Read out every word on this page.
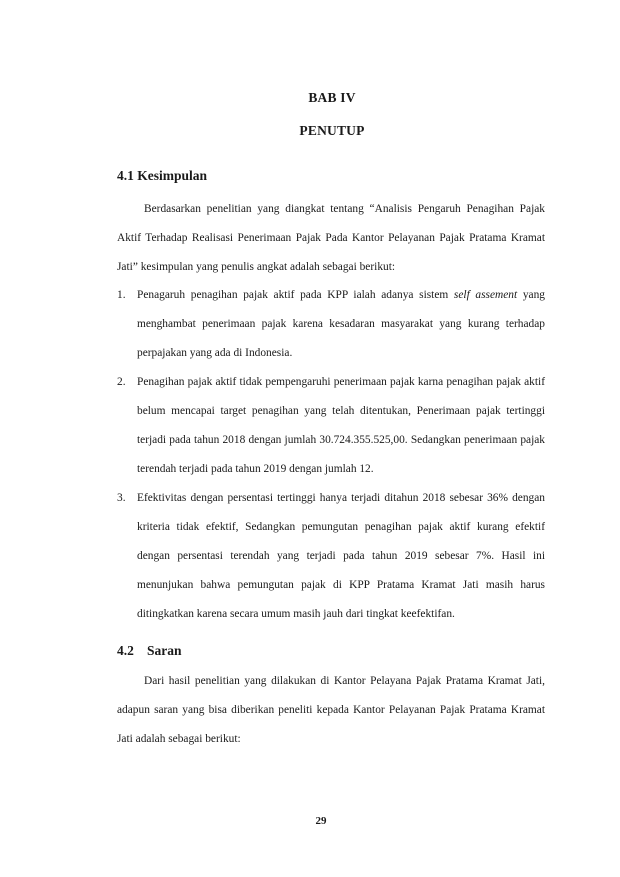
BAB IV
PENUTUP
4.1 Kesimpulan

Berdasarkan penelitian yang diangkat tentang “Analisis Pengaruh Penagihan Pajak Aktif Terhadap Realisasi Penerimaan Pajak Pada Kantor Pelayanan Pajak Pratama Kramat Jati” kesimpulan yang penulis angkat adalah sebagai berikut:

1. Penagaruh penagihan pajak aktif pada KPP ialah adanya sistem self assement yang menghambat penerimaan pajak karena kesadaran masyarakat yang kurang terhadap perpajakan yang ada di Indonesia.
2. Penagihan pajak aktif tidak pempengaruhi penerimaan pajak karna penagihan pajak aktif belum mencapai target penagihan yang telah ditentukan, Penerimaan pajak tertinggi terjadi pada tahun 2018 dengan jumlah 30.724.355.525,00. Sedangkan penerimaan pajak terendah terjadi pada tahun 2019 dengan jumlah 12.
3. Efektivitas dengan persentasi tertinggi hanya terjadi ditahun 2018 sebesar 36% dengan kriteria tidak efektif, Sedangkan pemungutan penagihan pajak aktif kurang efektif dengan persentasi terendah yang terjadi pada tahun 2019 sebesar 7%. Hasil ini menunjukan bahwa pemungutan pajak di KPP Pratama Kramat Jati masih harus ditingkatkan karena secara umum masih jauh dari tingkat keefektifan.
4.2 Saran

Dari hasil penelitian yang dilakukan di Kantor Pelayana Pajak Pratama Kramat Jati, adapun saran yang bisa diberikan peneliti kepada Kantor Pelayanan Pajak Pratama Kramat Jati adalah sebagai berikut:

29
